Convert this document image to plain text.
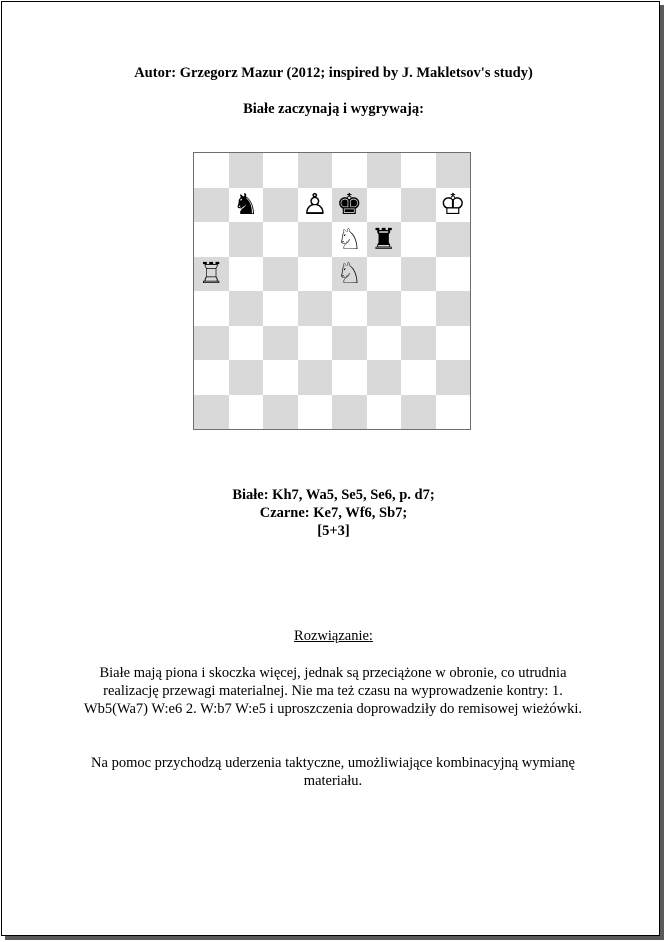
Autor: Grzegorz Mazur (2012; inspired by J. Makletsov's study)
Białe zaczynają i wygrywają:
♞ ♙ ♚	♔
♘ ♜
♖	♘
Białe: Kh7, Wa5, Se5, Se6, p. d7;
Czarne: Ke7, Wf6, Sb7;
[5+3]
Rozwiązanie:
Białe mają piona i skoczka więcej, jednak są przeciążone w obronie, co utrudnia realizację przewagi materialnej. Nie ma też czasu na wyprowadzenie kontry: 1. Wb5(Wa7) W:e6 2. W:b7 W:e5 i uproszczenia doprowadziły do remisowej wieżówki.
Na pomoc przychodzą uderzenia taktyczne, umożliwiające kombinacyjną wymianę materiału.
